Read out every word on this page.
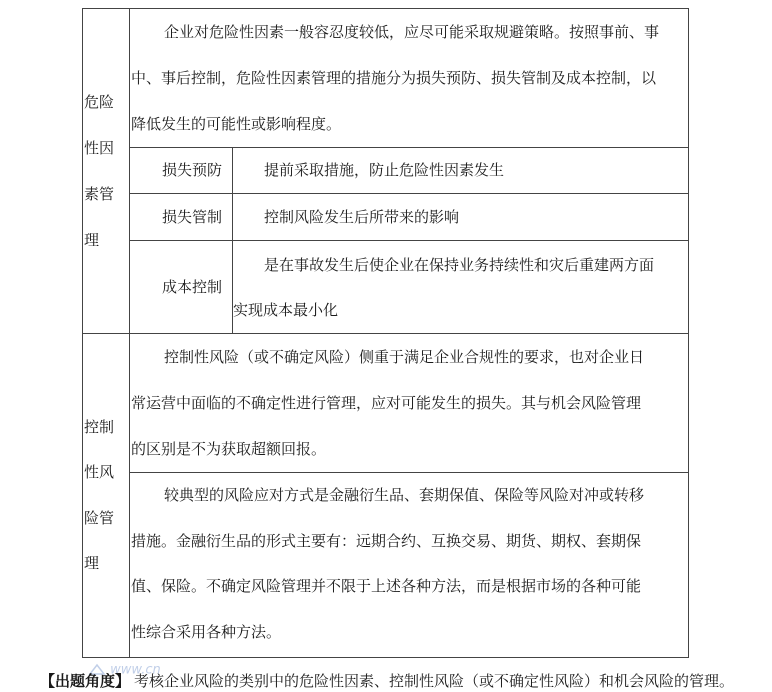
危险
性因
素管
理
企业对危险性因素一般容忍度较低，应尽可能采取规避策略。按照事前、事
中、事后控制，危险性因素管理的措施分为损失预防、损失管制及成本控制，以
降低发生的可能性或影响程度。
损失预防	提前采取措施，防止危险性因素发生
损失管制	控制风险发生后所带来的影响
成本控制
是在事故发生后使企业在保持业务持续性和灾后重建两方面
实现成本最小化
控制
性风
险管
理
控制性风险（或不确定风险）侧重于满足企业合规性的要求，也对企业日
常运营中面临的不确定性进行管理，应对可能发生的损失。其与机会风险管理
的区别是不为获取超额回报。
较典型的风险应对方式是金融衍生品、套期保值、保险等风险对冲或转移
措施。金融衍生品的形式主要有：远期合约、互换交易、期货、期权、套期保
值、保险。不确定风险管理并不限于上述各种方法，而是根据市场的各种可能
性综合采用各种方法。
www.cn
【出题角度】 考核企业风险的类别中的危险性因素、控制性风险（或不确定性风险）和机会风险的管理。
